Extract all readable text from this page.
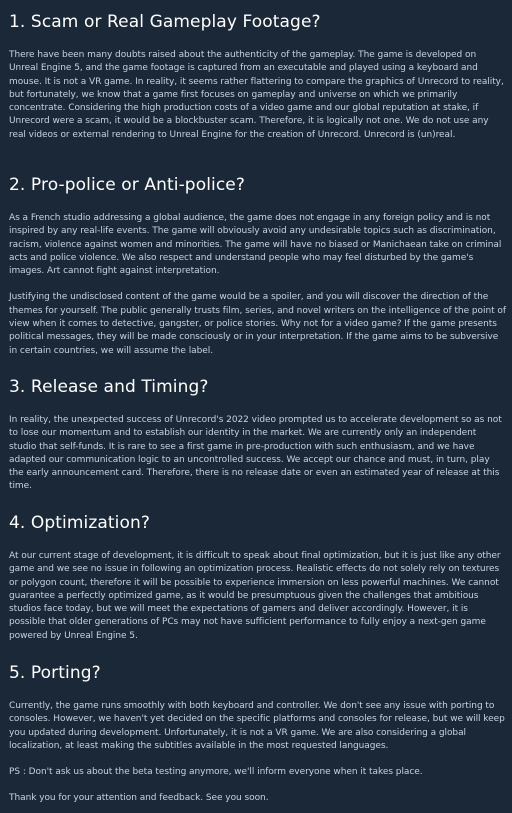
1. Scam or Real Gameplay Footage?

There have been many doubts raised about the authenticity of the gameplay. The game is developed on Unreal Engine 5, and the game footage is captured from an executable and played using a keyboard and mouse. It is not a VR game. In reality, it seems rather flattering to compare the graphics of Unrecord to reality, but fortunately, we know that a game first focuses on gameplay and universe on which we primarily concentrate. Considering the high production costs of a video game and our global reputation at stake, if Unrecord were a scam, it would be a blockbuster scam. Therefore, it is logically not one. We do not use any real videos or external rendering to Unreal Engine for the creation of Unrecord. Unrecord is (un)real.

2. Pro-police or Anti-police?

As a French studio addressing a global audience, the game does not engage in any foreign policy and is not inspired by any real-life events. The game will obviously avoid any undesirable topics such as discrimination, racism, violence against women and minorities. The game will have no biased or Manichaean take on criminal acts and police violence. We also respect and understand people who may feel disturbed by the game's images. Art cannot fight against interpretation.

Justifying the undisclosed content of the game would be a spoiler, and you will discover the direction of the themes for yourself. The public generally trusts film, series, and novel writers on the intelligence of the point of view when it comes to detective, gangster, or police stories. Why not for a video game? If the game presents political messages, they will be made consciously or in your interpretation. If the game aims to be subversive in certain countries, we will assume the label.

3. Release and Timing?

In reality, the unexpected success of Unrecord's 2022 video prompted us to accelerate development so as not to lose our momentum and to establish our identity in the market. We are currently only an independent studio that self-funds. It is rare to see a first game in pre-production with such enthusiasm, and we have adapted our communication logic to an uncontrolled success. We accept our chance and must, in turn, play the early announcement card. Therefore, there is no release date or even an estimated year of release at this time.

4. Optimization?

At our current stage of development, it is difficult to speak about final optimization, but it is just like any other game and we see no issue in following an optimization process. Realistic effects do not solely rely on textures or polygon count, therefore it will be possible to experience immersion on less powerful machines. We cannot guarantee a perfectly optimized game, as it would be presumptuous given the challenges that ambitious studios face today, but we will meet the expectations of gamers and deliver accordingly. However, it is possible that older generations of PCs may not have sufficient performance to fully enjoy a next-gen game powered by Unreal Engine 5.

5. Porting?

Currently, the game runs smoothly with both keyboard and controller. We don't see any issue with porting to consoles. However, we haven't yet decided on the specific platforms and consoles for release, but we will keep you updated during development. Unfortunately, it is not a VR game. We are also considering a global localization, at least making the subtitles available in the most requested languages.

PS : Don't ask us about the beta testing anymore, we'll inform everyone when it takes place.

Thank you for your attention and feedback. See you soon.
